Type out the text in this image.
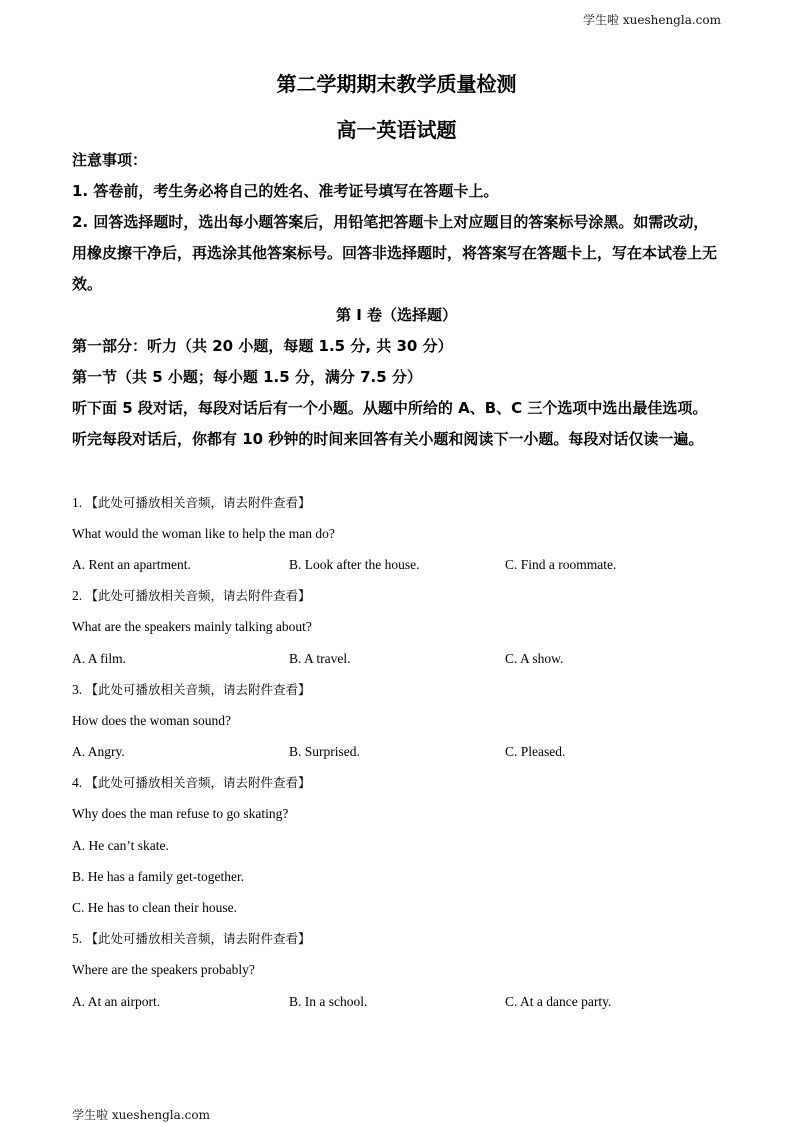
学生啦 xueshengla.com
第二学期期末教学质量检测
高一英语试题
注意事项：
1. 答卷前，考生务必将自己的姓名、准考证号填写在答题卡上。
2. 回答选择题时，选出每小题答案后，用铅笔把答题卡上对应题目的答案标号涂黑。如需改动，用橡皮擦干净后，再选涂其他答案标号。回答非选择题时，将答案写在答题卡上，写在本试卷上无效。
第 I 卷（选择题）
第一部分：听力（共 20 小题，每题 1.5 分, 共 30 分）
第一节（共 5 小题；每小题 1.5 分，满分 7.5 分）
听下面 5 段对话，每段对话后有一个小题。从题中所给的 A、B、C 三个选项中选出最佳选项。听完每段对话后，你都有 10 秒钟的时间来回答有关小题和阅读下一小题。每段对话仅读一遍。
1. 【此处可播放相关音频，请去附件查看】
What would the woman like to help the man do?
A. Rent an apartment.	B. Look after the house.	C. Find a roommate.
2. 【此处可播放相关音频，请去附件查看】
What are the speakers mainly talking about?
A. A film.	B. A travel.	C. A show.
3. 【此处可播放相关音频，请去附件查看】
How does the woman sound?
A. Angry.	B. Surprised.	C. Pleased.
4. 【此处可播放相关音频，请去附件查看】
Why does the man refuse to go skating?
A. He can’t skate.
B. He has a family get-together.
C. He has to clean their house.
5. 【此处可播放相关音频，请去附件查看】
Where are the speakers probably?
A. At an airport.	B. In a school.	C. At a dance party.
学生啦 xueshengla.com
